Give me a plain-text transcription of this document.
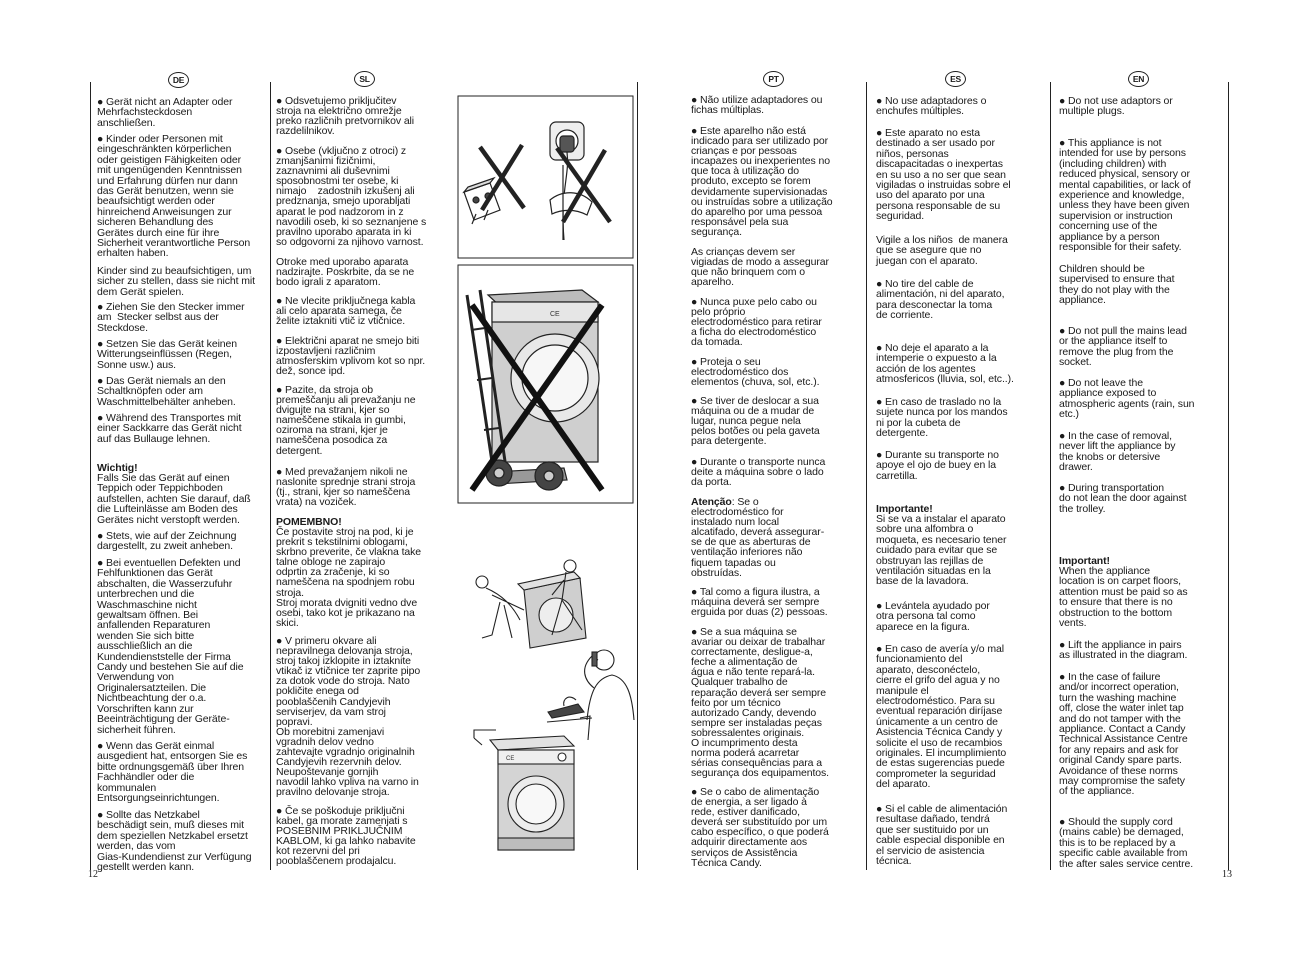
DE	SL	PT	ES	EN
● Gerät nicht an Adapter oder
Mehrfachsteckdosen
anschließen.
● Kinder oder Personen mit
eingeschränkten körperlichen
oder geistigen Fähigkeiten oder
mit ungenügenden Kenntnissen
und Erfahrung dürfen nur dann
das Gerät benutzen, wenn sie
beaufsichtigt werden oder
hinreichend Anweisungen zur
sicheren Behandlung des
Gerätes durch eine für ihre
Sicherheit verantwortliche Person
erhalten haben.
Kinder sind zu beaufsichtigen, um
sicher zu stellen, dass sie nicht mit
dem Gerät spielen.
● Ziehen Sie den Stecker immer
am  Stecker selbst aus der
Steckdose.
● Setzen Sie das Gerät keinen
Witterungseinflüssen (Regen,
Sonne usw.) aus.
● Das Gerät niemals an den
Schaltknöpfen oder am
Waschmittelbehälter anheben.
● Während des Transportes mit
einer Sackkarre das Gerät nicht
auf das Bullauge lehnen.
Wichtig!
Falls Sie das Gerät auf einen
Teppich oder Teppichboden
aufstellen, achten Sie darauf, daß
die Lufteinlässe am Boden des
Gerätes nicht verstopft werden.
● Stets, wie auf der Zeichnung
dargestellt, zu zweit anheben.
● Bei eventuellen Defekten und
Fehlfunktionen das Gerät
abschalten, die Wasserzufuhr
unterbrechen und die
Waschmaschine nicht
gewaltsam öffnen. Bei
anfallenden Reparaturen
wenden Sie sich bitte
ausschließlich an die
Kundendienststelle der Firma
Candy und bestehen Sie auf die
Verwendung von
Originalersatzteilen. Die
Nichtbeachtung der o.a.
Vorschriften kann zur
Beeinträchtigung der Geräte-
sicherheit führen.
● Wenn das Gerät einmal
ausgedient hat, entsorgen Sie es
bitte ordnungsgemäß über Ihren
Fachhändler oder die
kommunalen
Entsorgungseinrichtungen.
● Sollte das Netzkabel
beschädigt sein, muß dieses mit
dem speziellen Netzkabel ersetzt
werden, das vom
Gias-Kundendienst zur Verfügung
gestellt werden kann.
● Odsvetujemo priključitev
stroja na električno omrežje
preko različnih pretvornikov ali
razdelilnikov.
● Osebe (vključno z otroci) z
zmanjšanimi fizičnimi,
zaznavnimi ali duševnimi
sposobnostmi ter osebe, ki
nimajo    zadostnih izkušenj ali
predznanja, smejo uporabljati
aparat le pod nadzorom in z
navodili oseb, ki so seznanjene s
pravilno uporabo aparata in ki
so odgovorni za njihovo varnost.
Otroke med uporabo aparata
nadzirajte. Poskrbite, da se ne
bodo igrali z aparatom.
● Ne vlecite priključnega kabla
ali celo aparata samega, če
želite iztakniti vtič iz vtičnice.
● Električni aparat ne smejo biti
izpostavljeni različnim
atmosferskim vplivom kot so npr.
dež, sonce ipd.
● Pazite, da stroja ob
premeščanju ali prevažanju ne
dvigujte na strani, kjer so
nameščene stikala in gumbi,
oziroma na strani, kjer je
nameščena posodica za
detergent.
● Med prevažanjem nikoli ne
naslonite sprednje strani stroja
(tj., strani, kjer so nameščena
vrata) na voziček.
POMEMBNO!
Če postavite stroj na pod, ki je
prekrit s tekstilnimi oblogami,
skrbno preverite, če vlakna take
talne obloge ne zapirajo
odprtin za zračenje, ki so
nameščena na spodnjem robu
stroja.
Stroj morata dvigniti vedno dve
osebi, tako kot je prikazano na
skici.
● V primeru okvare ali
nepravilnega delovanja stroja,
stroj takoj izklopite in iztaknite
vtikač iz vtičnice ter zaprite pipo
za dotok vode do stroja. Nato
pokličite enega od
pooblaščenih Candyjevih
serviserjev, da vam stroj
popravi.
Ob morebitni zamenjavi
vgradnih delov vedno
zahtevajte vgradnjo originalnih
Candyjevih rezervnih delov.
Neupoštevanje gornjih
navodil lahko vpliva na varno in
pravilno delovanje stroja.
● Če se poškoduje priključni
kabel, ga morate zamenjati s
POSEBNIM PRIKLJUČNIM
KABLOM, ki ga lahko nabavite
kot rezervni del pri
pooblaščenem prodajalcu.
CE
CE
● Não utilize adaptadores ou
fichas múltiplas.
● Este aparelho não está
indicado para ser utilizado por
crianças e por pessoas
incapazes ou inexperientes no
que toca à utilização do
produto, excepto se forem
devidamente supervisionadas
ou instruídas sobre a utilização
do aparelho por uma pessoa
responsável pela sua
segurança.
As crianças devem ser
vigiadas de modo a assegurar
que não brinquem com o
aparelho.
● Nunca puxe pelo cabo ou
pelo próprio
electrodoméstico para retirar
a ficha do electrodoméstico
da tomada.
● Proteja o seu
electrodoméstico dos
elementos (chuva, sol, etc.).
● Se tiver de deslocar a sua
máquina ou de a mudar de
lugar, nunca pegue nela
pelos botões ou pela gaveta
para detergente.
● Durante o transporte nunca
deite a máquina sobre o lado
da porta.
Atenção: Se o
electrodoméstico for
instalado num local
alcatifado, deverá assegurar-
se de que as aberturas de
ventilação inferiores não
fiquem tapadas ou
obstruídas.
● Tal como a figura ilustra, a
máquina deverá ser sempre
erguida por duas (2) pessoas.
● Se a sua máquina se
avariar ou deixar de trabalhar
correctamente, desligue-a,
feche a alimentação de
água e não tente repará-la.
Qualquer trabalho de
reparação deverá ser sempre
feito por um técnico
autorizado Candy, devendo
sempre ser instaladas peças
sobressalentes originais.
O incumprimento desta
norma poderá acarretar
sérias consequências para a
segurança dos equipamentos.
● Se o cabo de alimentação
de energia, a ser ligado à
rede, estiver danificado,
deverá ser substituído por um
cabo específico, o que poderá
adquirir directamente aos
serviços de Assistência
Técnica Candy.
● No use adaptadores o
enchufes múltiples.
● Este aparato no esta
destinado a ser usado por
niños, personas
discapacitadas o inexpertas
en su uso a no ser que sean
vigiladas o instruidas sobre el
uso del aparato por una
persona responsable de su
seguridad.
Vigile a los niños  de manera
que se asegure que no
juegan con el aparato.
● No tire del cable de
alimentación, ni del aparato,
para desconectar la toma
de corriente.
● No deje el aparato a la
intemperie o expuesto a la
acción de los agentes
atmosfericos (lluvia, sol, etc..).
● En caso de traslado no la
sujete nunca por los mandos
ni por la cubeta de
detergente.
● Durante su transporte no
apoye el ojo de buey en la
carretilla.
Importante!
Si se va a instalar el aparato
sobre una alfombra o
moqueta, es necesario tener
cuidado para evitar que se
obstruyan las rejillas de
ventilación situadas en la
base de la lavadora.
● Levántela ayudado por
otra persona tal como
aparece en la figura.
● En caso de avería y/o mal
funcionamiento del
aparato, desconéctelo,
cierre el grifo del agua y no
manipule el
electrodoméstico. Para su
eventual reparación diríjase
únicamente a un centro de
Asistencia Técnica Candy y
solicite el uso de recambios
originales. El incumplimiento
de estas sugerencias puede
comprometer la seguridad
del aparato.
● Si el cable de alimentación
resultase dañado, tendrá
que ser sustituido por un
cable especial disponible en
el servicio de asistencia
técnica.
● Do not use adaptors or
multiple plugs.
● This appliance is not
intended for use by persons
(including children) with
reduced physical, sensory or
mental capabilities, or lack of
experience and knowledge,
unless they have been given
supervision or instruction
concerning use of the
appliance by a person
responsible for their safety.
Children should be
supervised to ensure that
they do not play with the
appliance.
● Do not pull the mains lead
or the appliance itself to
remove the plug from the
socket.
● Do not leave the
appliance exposed to
atmospheric agents (rain, sun
etc.)
● In the case of removal,
never lift the appliance by
the knobs or detersive
drawer.
● During transportation
do not lean the door against
the trolley.
Important!
When the appliance
location is on carpet floors,
attention must be paid so as
to ensure that there is no
obstruction to the bottom
vents.
● Lift the appliance in pairs
as illustrated in the diagram.
● In the case of failure
and/or incorrect operation,
turn the washing machine
off, close the water inlet tap
and do not tamper with the
appliance. Contact a Candy
Technical Assistance Centre
for any repairs and ask for
original Candy spare parts.
Avoidance of these norms
may compromise the safety
of the appliance.
● Should the supply cord
(mains cable) be demaged,
this is to be replaced by a
specific cable available from
the after sales service centre.
12	13
